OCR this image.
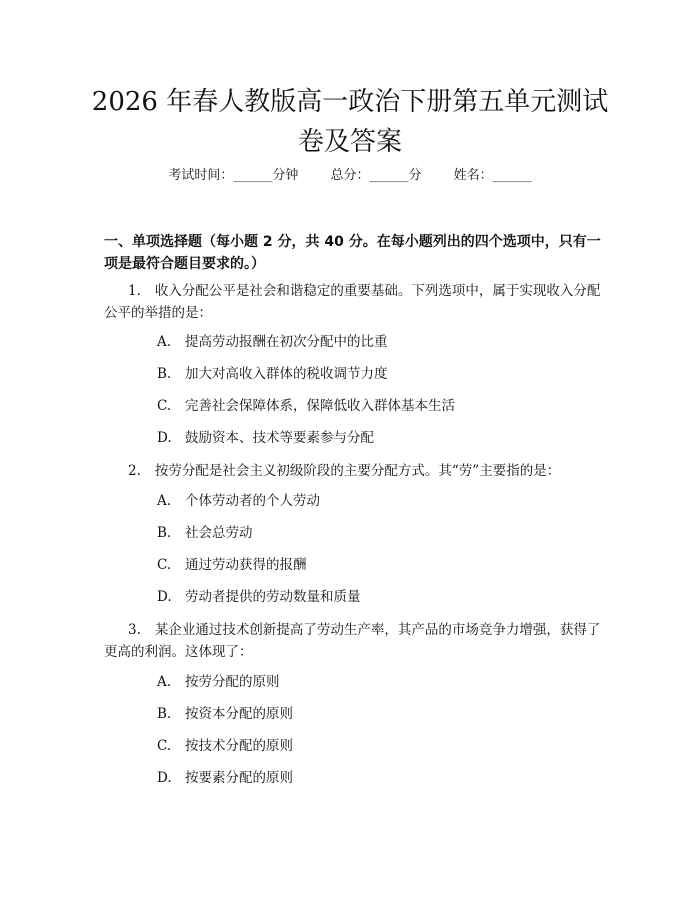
2026 年春人教版高一政治下册第五单元测试
卷及答案
考试时间：______分钟 总分：______分 姓名：______
一、单项选择题（每小题 2 分，共 40 分。在每小题列出的四个选项中，只有一项是最符合题目要求的。）
1. 收入分配公平是社会和谐稳定的重要基础。下列选项中，属于实现收入分配公平的举措的是：
A. 提高劳动报酬在初次分配中的比重
B. 加大对高收入群体的税收调节力度
C. 完善社会保障体系，保障低收入群体基本生活
D. 鼓励资本、技术等要素参与分配
2. 按劳分配是社会主义初级阶段的主要分配方式。其“劳”主要指的是：
A. 个体劳动者的个人劳动
B. 社会总劳动
C. 通过劳动获得的报酬
D. 劳动者提供的劳动数量和质量
3. 某企业通过技术创新提高了劳动生产率，其产品的市场竞争力增强，获得了更高的利润。这体现了：
A. 按劳分配的原则
B. 按资本分配的原则
C. 按技术分配的原则
D. 按要素分配的原则
